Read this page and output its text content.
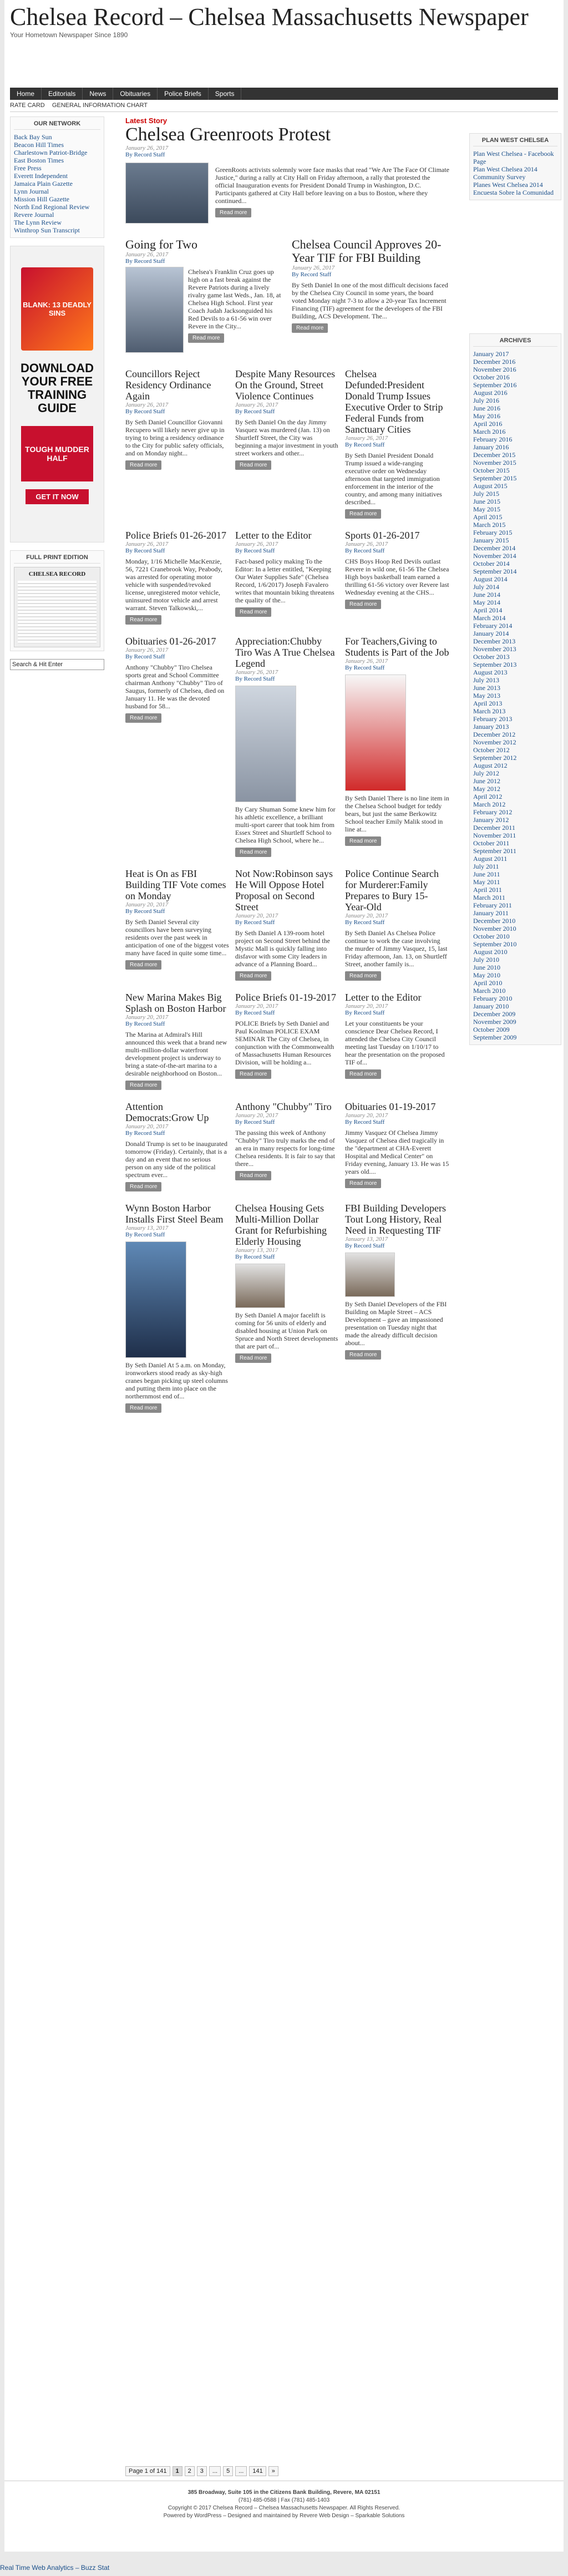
Chelsea Record – Chelsea Massachusetts Newspaper
Your Hometown Newspaper Since 1890
Home	Editorials	News	Obituaries	Police Briefs	Sports
RATE CARD GENERAL INFORMATION CHART
OUR NETWORK
Back Bay Sun
Beacon Hill Times
Charlestown Patriot-Bridge
East Boston Times
Free Press
Everett Independent
Jamaica Plain Gazette
Lynn Journal
Mission Hill Gazette
North End Regional Review
Revere Journal
The Lynn Review
Winthrop Sun Transcript
BLANK: 13 DEADLY SINS
DOWNLOAD YOUR FREE TRAINING GUIDE
TOUGH MUDDER HALF
GET IT NOW
FULL PRINT EDITION
CHELSEA RECORD
Search & Hit Enter
Latest Story
Chelsea Greenroots Protest
January 26, 2017
By Record Staff
GreenRoots activists solemnly wore face masks that read "We Are The Face Of Climate Justice," during a rally at City Hall on Friday afternoon, a rally that protested the official Inauguration events for President Donald Trump in Washington, D.C. Participants gathered at City Hall before leaving on a bus to Boston, where they continued...
Read more
Going for Two
January 26, 2017
By Record Staff
Chelsea's Franklin Cruz goes up high on a fast break against the Revere Patriots during a lively rivalry game last Weds., Jan. 18, at Chelsea High School. First year Coach Judah Jacksonguided his Red Devils to a 61-56 win over Revere in the City...
Read more
Chelsea Council Approves 20-Year TIF for FBI Building
January 26, 2017
By Record Staff
By Seth Daniel In one of the most difficult decisions faced by the Chelsea City Council in some years, the board voted Monday night 7-3 to allow a 20-year Tax Increment Financing (TIF) agreement for the developers of the FBI Building, ACS Development. The...
Read more
Councillors Reject Residency Ordinance Again
January 26, 2017
By Record Staff
By Seth Daniel Councillor Giovanni Recupero will likely never give up in trying to bring a residency ordinance to the City for public safety officials, and on Monday night...
Read more
Despite Many Resources On the Ground, Street Violence Continues
January 26, 2017
By Record Staff
By Seth Daniel On the day Jimmy Vasquez was murdered (Jan. 13) on Shurtleff Street, the City was beginning a major investment in youth street workers and other...
Read more
Chelsea Defunded:President Donald Trump Issues Executive Order to Strip Federal Funds from Sanctuary Cities
January 26, 2017
By Record Staff
By Seth Daniel President Donald Trump issued a wide-ranging executive order on Wednesday afternoon that targeted immigration enforcement in the interior of the country, and among many initiatives described...
Read more
Police Briefs 01-26-2017
January 26, 2017
By Record Staff
Monday, 1/16 Michelle MacKenzie, 56, 7221 Cranebrook Way, Peabody, was arrested for operating motor vehicle with suspended/revoked license, unregistered motor vehicle, uninsured motor vehicle and arrest warrant. Steven Talkowski,...
Read more
Letter to the Editor
January 26, 2017
By Record Staff
Fact-based policy making To the Editor: In a letter entitled, "Keeping Our Water Supplies Safe" (Chelsea Record, 1/6/2017) Joseph Favalero writes that mountain biking threatens the quality of the...
Read more
Sports 01-26-2017
January 26, 2017
By Record Staff
CHS Boys Hoop Red Devils outlast Revere in wild one, 61-56 The Chelsea High boys basketball team earned a thrilling 61-56 victory over Revere last Wednesday evening at the CHS...
Read more
Obituaries 01-26-2017
January 26, 2017
By Record Staff
Anthony "Chubby" Tiro Chelsea sports great and School Committee chairman Anthony "Chubby" Tiro of Saugus, formerly of Chelsea, died on January 11. He was the devoted husband for 58...
Read more
Appreciation:Chubby Tiro Was A True Chelsea Legend
January 26, 2017
By Record Staff
By Cary Shuman Some knew him for his athletic excellence, a brilliant multi-sport career that took him from Essex Street and Shurtleff School to Chelsea High School, where he...
Read more
For Teachers,Giving to Students is Part of the Job
January 26, 2017
By Record Staff
By Seth Daniel There is no line item in the Chelsea School budget for teddy bears, but just the same Berkowitz School teacher Emily Malik stood in line at...
Read more
Heat is On as FBI Building TIF Vote comes on Monday
January 20, 2017
By Record Staff
By Seth Daniel Several city councillors have been surveying residents over the past week in anticipation of one of the biggest votes many have faced in quite some time...
Read more
Not Now:Robinson says He Will Oppose Hotel Proposal on Second Street
January 20, 2017
By Record Staff
By Seth Daniel A 139-room hotel project on Second Street behind the Mystic Mall is quickly falling into disfavor with some City leaders in advance of a Planning Board...
Read more
Police Continue Search for Murderer:Family Prepares to Bury 15-Year-Old
January 20, 2017
By Record Staff
By Seth Daniel As Chelsea Police continue to work the case involving the murder of Jimmy Vasquez, 15, last Friday afternoon, Jan. 13, on Shurtleff Street, another family is...
Read more
New Marina Makes Big Splash on Boston Harbor
January 20, 2017
By Record Staff
The Marina at Admiral's Hill announced this week that a brand new multi-million-dollar waterfront development project is underway to bring a state-of-the-art marina to a desirable neighborhood on Boston...
Read more
Police Briefs 01-19-2017
January 20, 2017
By Record Staff
POLICE Briefs by Seth Daniel and Paul Koolman POLICE EXAM SEMINAR The City of Chelsea, in conjunction with the Commonwealth of Massachusetts Human Resources Division, will be holding a...
Read more
Letter to the Editor
January 20, 2017
By Record Staff
Let your constituents be your conscience Dear Chelsea Record, I attended the Chelsea City Council meeting last Tuesday on 1/10/17 to hear the presentation on the proposed TIF of...
Read more
Attention Democrats:Grow Up
January 20, 2017
By Record Staff
Donald Trump is set to be inaugurated tomorrow (Friday). Certainly, that is a day and an event that no serious person on any side of the political spectrum ever...
Read more
Anthony "Chubby" Tiro
January 20, 2017
By Record Staff
The passing this week of Anthony "Chubby" Tiro truly marks the end of an era in many respects for long-time Chelsea residents. It is fair to say that there...
Read more
Obituaries 01-19-2017
January 20, 2017
By Record Staff
Jimmy Vasquez Of Chelsea Jimmy Vasquez of Chelsea died tragically in the "department at CHA-Everett Hospital and Medical Center" on Friday evening, January 13. He was 15 years old....
Read more
Wynn Boston Harbor Installs First Steel Beam
January 13, 2017
By Record Staff
By Seth Daniel At 5 a.m. on Monday, ironworkers stood ready as sky-high cranes began picking up steel columns and putting them into place on the northernmost end of...
Read more
Chelsea Housing Gets Multi-Million Dollar Grant for Refurbishing Elderly Housing
January 13, 2017
By Record Staff
By Seth Daniel A major facelift is coming for 56 units of elderly and disabled housing at Union Park on Spruce and North Street developments that are part of...
Read more
FBI Building Developers Tout Long History, Real Need in Requesting TIF
January 13, 2017
By Record Staff
By Seth Daniel Developers of the FBI Building on Maple Street – ACS Development – gave an impassioned presentation on Tuesday night that made the already difficult decision about...
Read more
Page 1 of 141	1	2	3	...	5	...	141	»
PLAN WEST CHELSEA
Plan West Chelsea - Facebook Page
Plan West Chelsea 2014 Community Survey
Planes West Chelsea 2014 Encuesta Sobre la Comunidad
ARCHIVES
January 2017
December 2016
November 2016
October 2016
September 2016
August 2016
July 2016
June 2016
May 2016
April 2016
March 2016
February 2016
January 2016
December 2015
November 2015
October 2015
September 2015
August 2015
July 2015
June 2015
May 2015
April 2015
March 2015
February 2015
January 2015
December 2014
November 2014
October 2014
September 2014
August 2014
July 2014
June 2014
May 2014
April 2014
March 2014
February 2014
January 2014
December 2013
November 2013
October 2013
September 2013
August 2013
July 2013
June 2013
May 2013
April 2013
March 2013
February 2013
January 2013
December 2012
November 2012
October 2012
September 2012
August 2012
July 2012
June 2012
May 2012
April 2012
March 2012
February 2012
January 2012
December 2011
November 2011
October 2011
September 2011
August 2011
July 2011
June 2011
May 2011
April 2011
March 2011
February 2011
January 2011
December 2010
November 2010
October 2010
September 2010
August 2010
July 2010
June 2010
May 2010
April 2010
March 2010
February 2010
January 2010
December 2009
November 2009
October 2009
September 2009
385 Broadway, Suite 105 in the Citizens Bank Building, Revere, MA 02151
(781) 485-0588 | Fax (781) 485-1403
Copyright © 2017 Chelsea Record – Chelsea Massachusetts Newspaper. All Rights Reserved.
Powered by WordPress – Designed and maintained by Revere Web Design – Sparkable Solutions
Real Time Web Analytics – Buzz Stat
